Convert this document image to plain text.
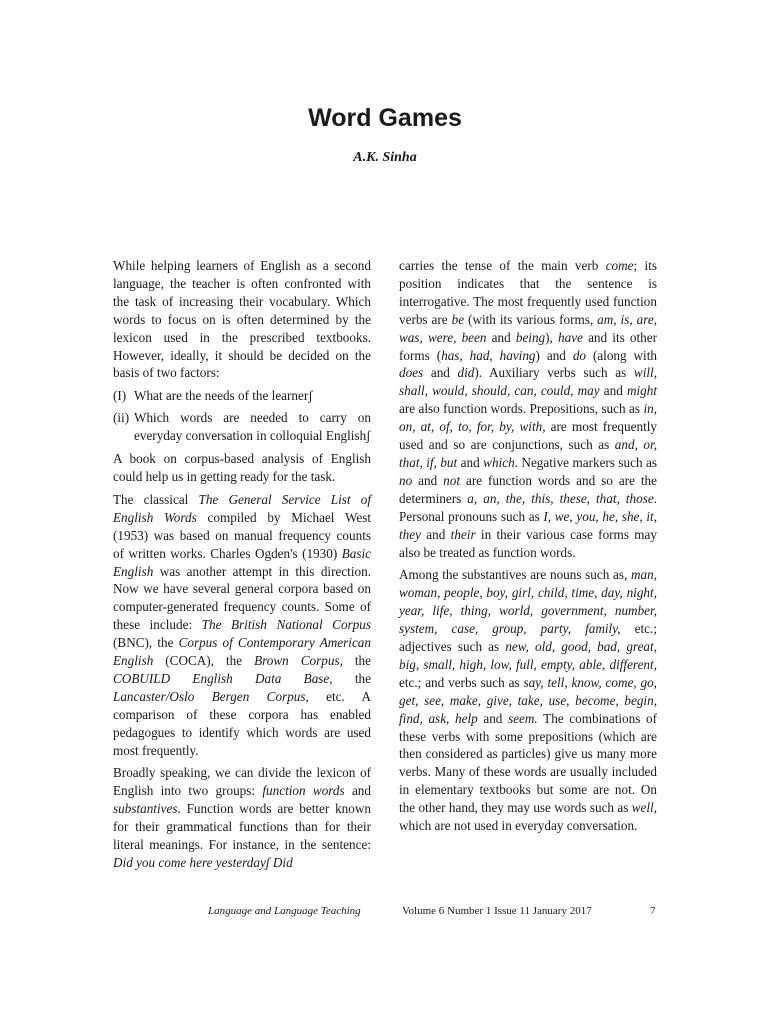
Word Games
A.K. Sinha

While helping learners of English as a second language, the teacher is often confronted with the task of increasing their vocabulary. Which words to focus on is often determined by the lexicon used in the prescribed textbooks. However, ideally, it should be decided on the basis of two factors:

(I) What are the needs of the learnerʃ
(ii) Which words are needed to carry on everyday conversation in colloquial Englishʃ

A book on corpus-based analysis of English could help us in getting ready for the task.

The classical The General Service List of English Words compiled by Michael West (1953) was based on manual frequency counts of written works. Charles Ogden's (1930) Basic English was another attempt in this direction. Now we have several general corpora based on computer-generated frequency counts. Some of these include: The British National Corpus (BNC), the Corpus of Contemporary American English (COCA), the Brown Corpus, the COBUILD English Data Base, the Lancaster/Oslo Bergen Corpus, etc. A comparison of these corpora has enabled pedagogues to identify which words are used most frequently.

Broadly speaking, we can divide the lexicon of English into two groups: function words and substantives. Function words are better known for their grammatical functions than for their literal meanings. For instance, in the sentence: Did you come here yesterdayʃ Did

carries the tense of the main verb come; its position indicates that the sentence is interrogative. The most frequently used function verbs are be (with its various forms, am, is, are, was, were, been and being), have and its other forms (has, had, having) and do (along with does and did). Auxiliary verbs such as will, shall, would, should, can, could, may and might are also function words. Prepositions, such as in, on, at, of, to, for, by, with, are most frequently used and so are conjunctions, such as and, or, that, if, but and which. Negative markers such as no and not are function words and so are the determiners a, an, the, this, these, that, those. Personal pronouns such as I, we, you, he, she, it, they and their in their various case forms may also be treated as function words.

Among the substantives are nouns such as, man, woman, people, boy, girl, child, time, day, night, year, life, thing, world, government, number, system, case, group, party, family, etc.; adjectives such as new, old, good, bad, great, big, small, high, low, full, empty, able, different, etc.; and verbs such as say, tell, know, come, go, get, see, make, give, take, use, become, begin, find, ask, help and seem. The combinations of these verbs with some prepositions (which are then considered as particles) give us many more verbs. Many of these words are usually included in elementary textbooks but some are not. On the other hand, they may use words such as well, which are not used in everyday conversation.

Language and Language Teaching	Volume 6 Number 1 Issue 11 January 2017	7
